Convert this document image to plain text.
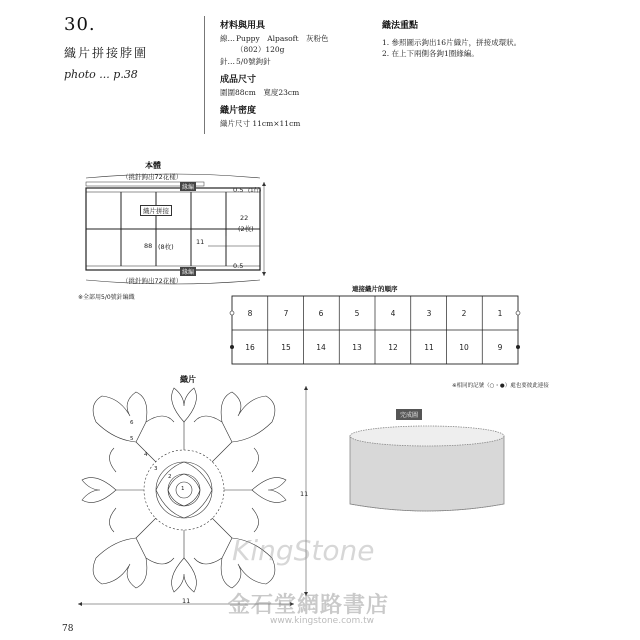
30.
織片拼接脖圍
photo ... p.38
材料與用具
線… Puppy　Alpasoft　灰粉色
（802）120g
針… 5/0號鉤針
成品尺寸
圍圍88cm　寬度23cm
織片密度
織片尺寸 11cm×11cm
織法重點
1. 參照圖示鉤出16片織片，拼接成環狀。
2. 在上下兩側各鉤1圈緣編。
本體
（挑針鉤出72花樣）
（挑針鉤出72花樣）
緣編
緣編
織片拼接
88 (8枚)
11
0.5
0.5
22
(2枚)
(1行)
※全部用5/0號針編織
連接織片的順序
8	7	6	5	4	3	2	1
16	15	14	13	12	11	10	9
※相同的記號（○・●）處也要彼此連接
織片
11
11
1
2
3
4
5
6
完成圖
KingStone
金石堂網路書店
www.kingstone.com.tw
78
